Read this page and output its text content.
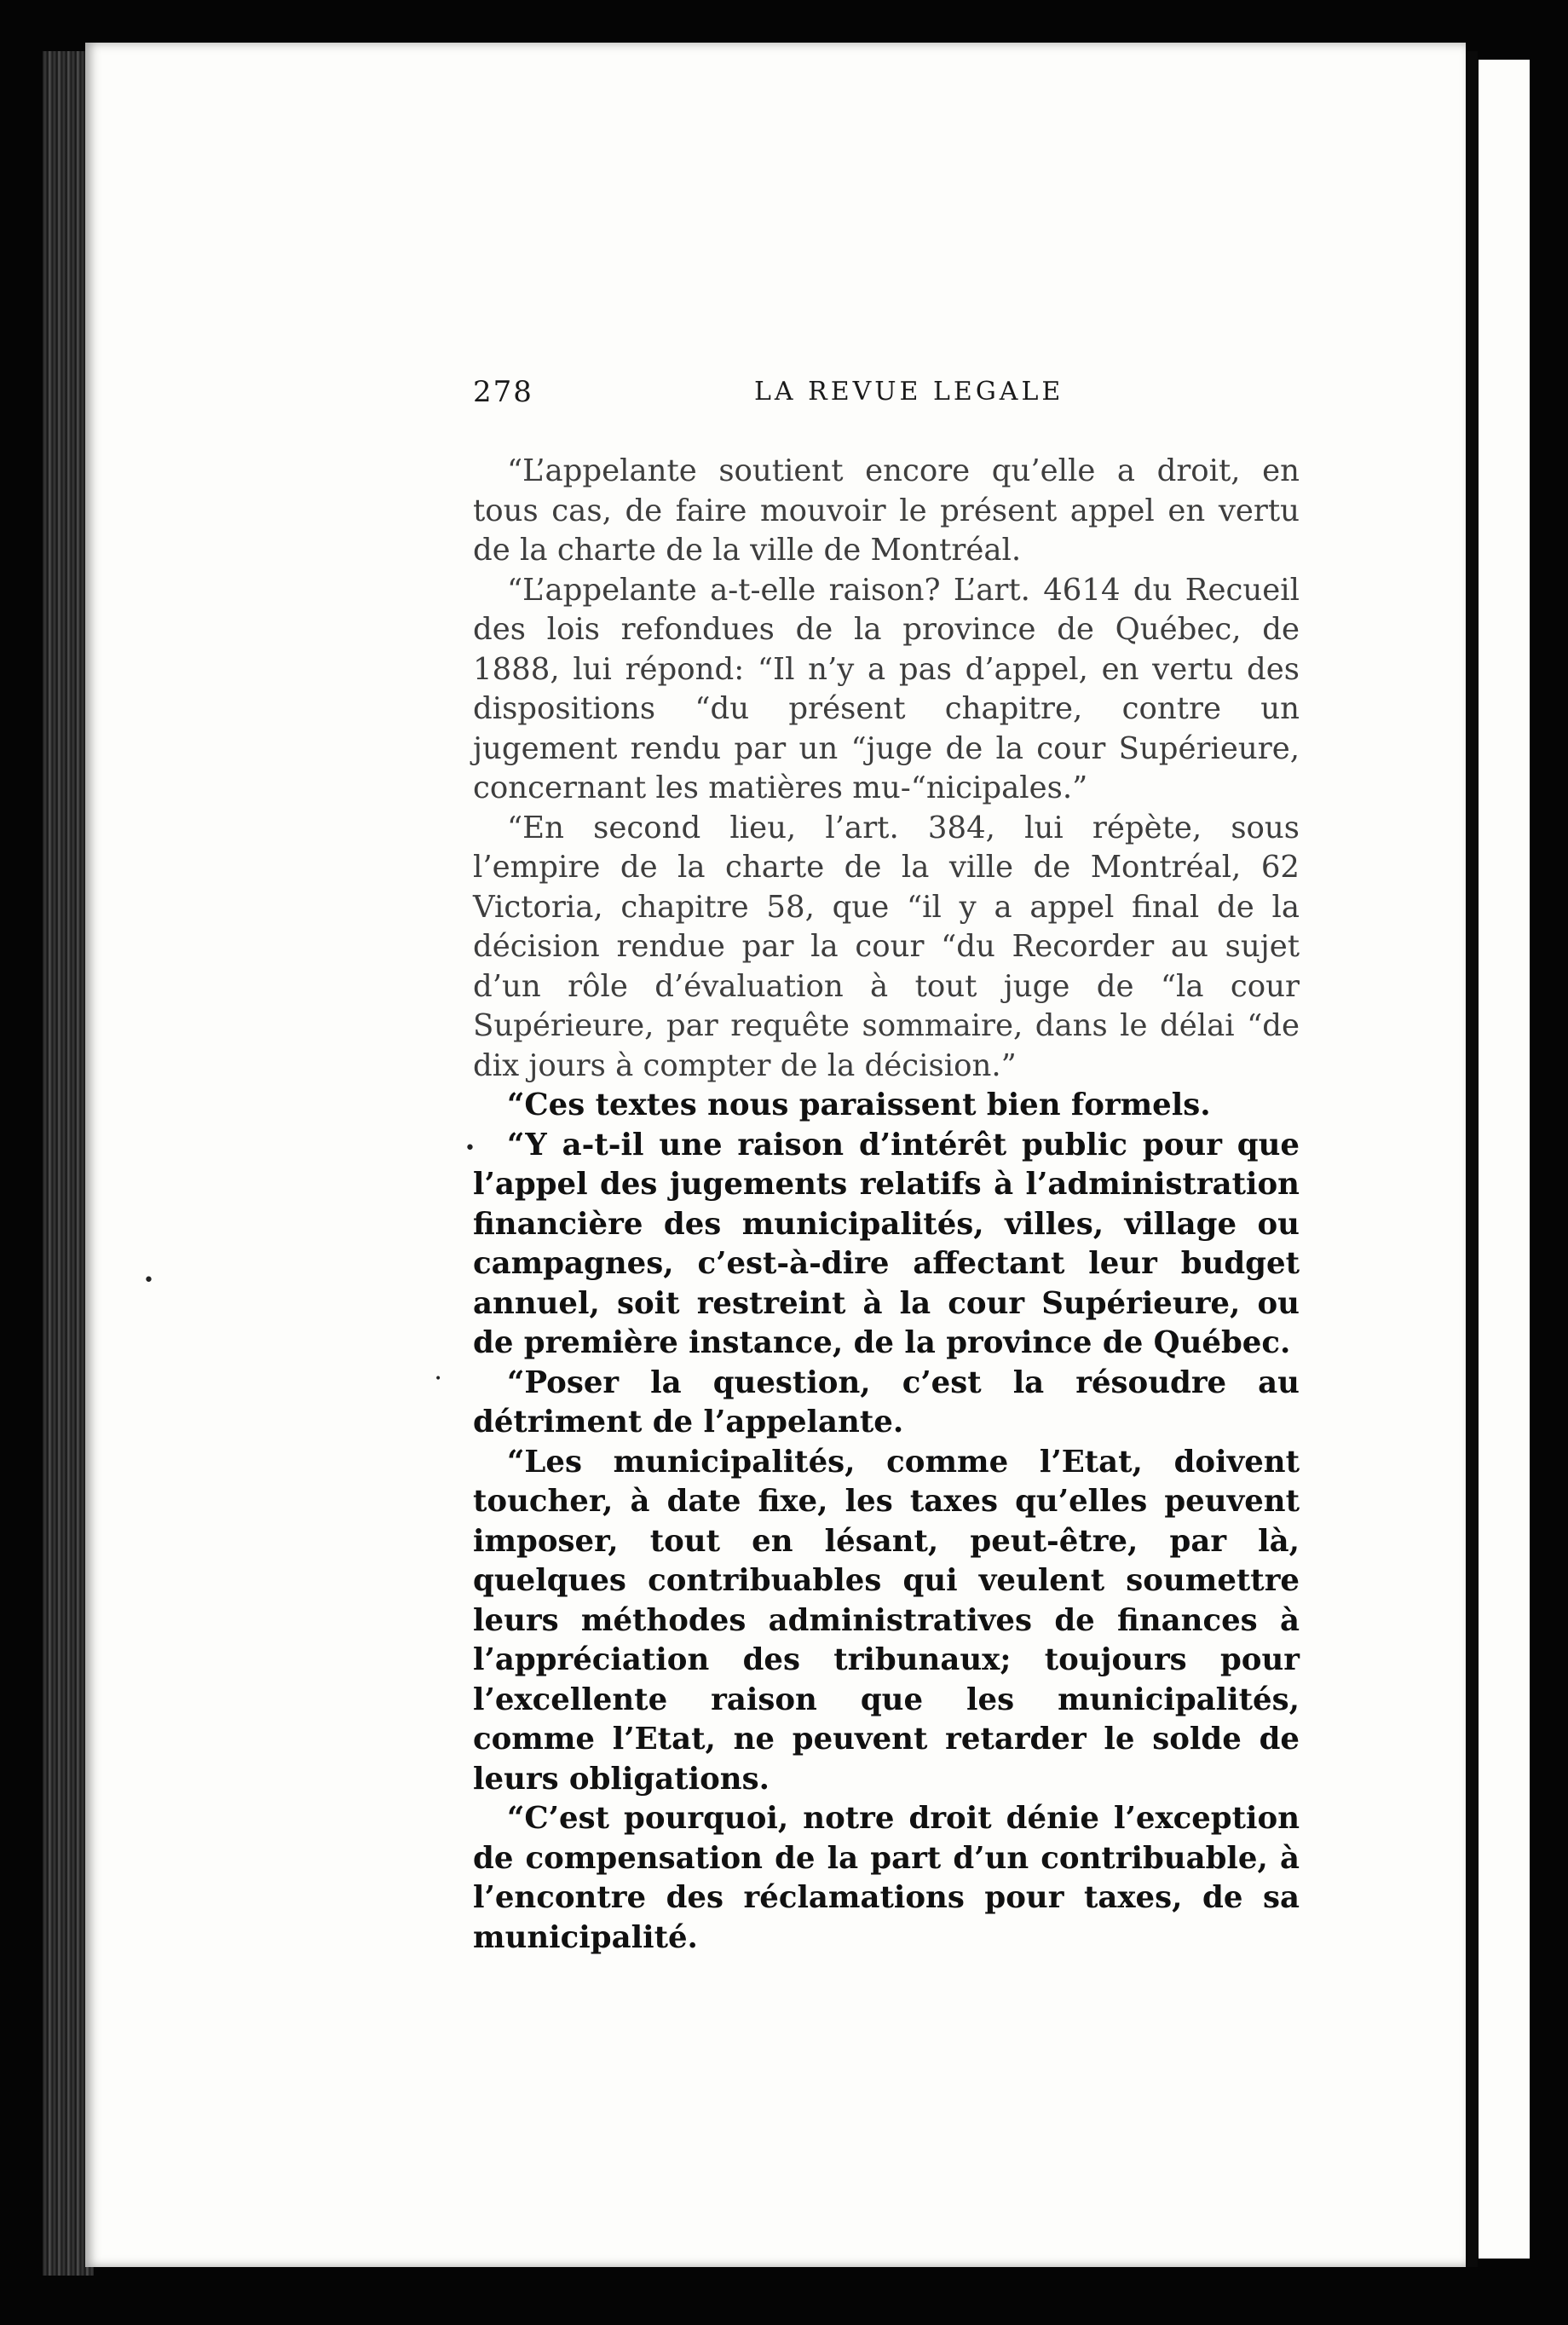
278	LA REVUE LEGALE

“L’appelante soutient encore qu’elle a droit, en tous cas, de faire mouvoir le présent appel en vertu de la charte de la ville de Montréal.

“L’appelante a-t-elle raison? L’art. 4614 du Recueil des lois refondues de la province de Québec, de 1888, lui répond: “Il n’y a pas d’appel, en vertu des dispositions “du présent chapitre, contre un jugement rendu par un “juge de la cour Supérieure, concernant les matières mu-“nicipales.”

“En second lieu, l’art. 384, lui répète, sous l’empire de la charte de la ville de Montréal, 62 Victoria, chapitre 58, que “il y a appel final de la décision rendue par la cour “du Recorder au sujet d’un rôle d’évaluation à tout juge de “la cour Supérieure, par requête sommaire, dans le délai “de dix jours à compter de la décision.”

“Ces textes nous paraissent bien formels.

“Y a-t-il une raison d’intérêt public pour que l’appel des jugements relatifs à l’administration financière des municipalités, villes, village ou campagnes, c’est-à-dire affectant leur budget annuel, soit restreint à la cour Supérieure, ou de première instance, de la province de Québec.

“Poser la question, c’est la résoudre au détriment de l’appelante.

“Les municipalités, comme l’Etat, doivent toucher, à date fixe, les taxes qu’elles peuvent imposer, tout en lésant, peut-être, par là, quelques contribuables qui veulent soumettre leurs méthodes administratives de finances à l’appréciation des tribunaux; toujours pour l’excellente raison que les municipalités, comme l’Etat, ne peuvent retarder le solde de leurs obligations.

“C’est pourquoi, notre droit dénie l’exception de compensation de la part d’un contribuable, à l’encontre des réclamations pour taxes, de sa municipalité.

•
•
•
